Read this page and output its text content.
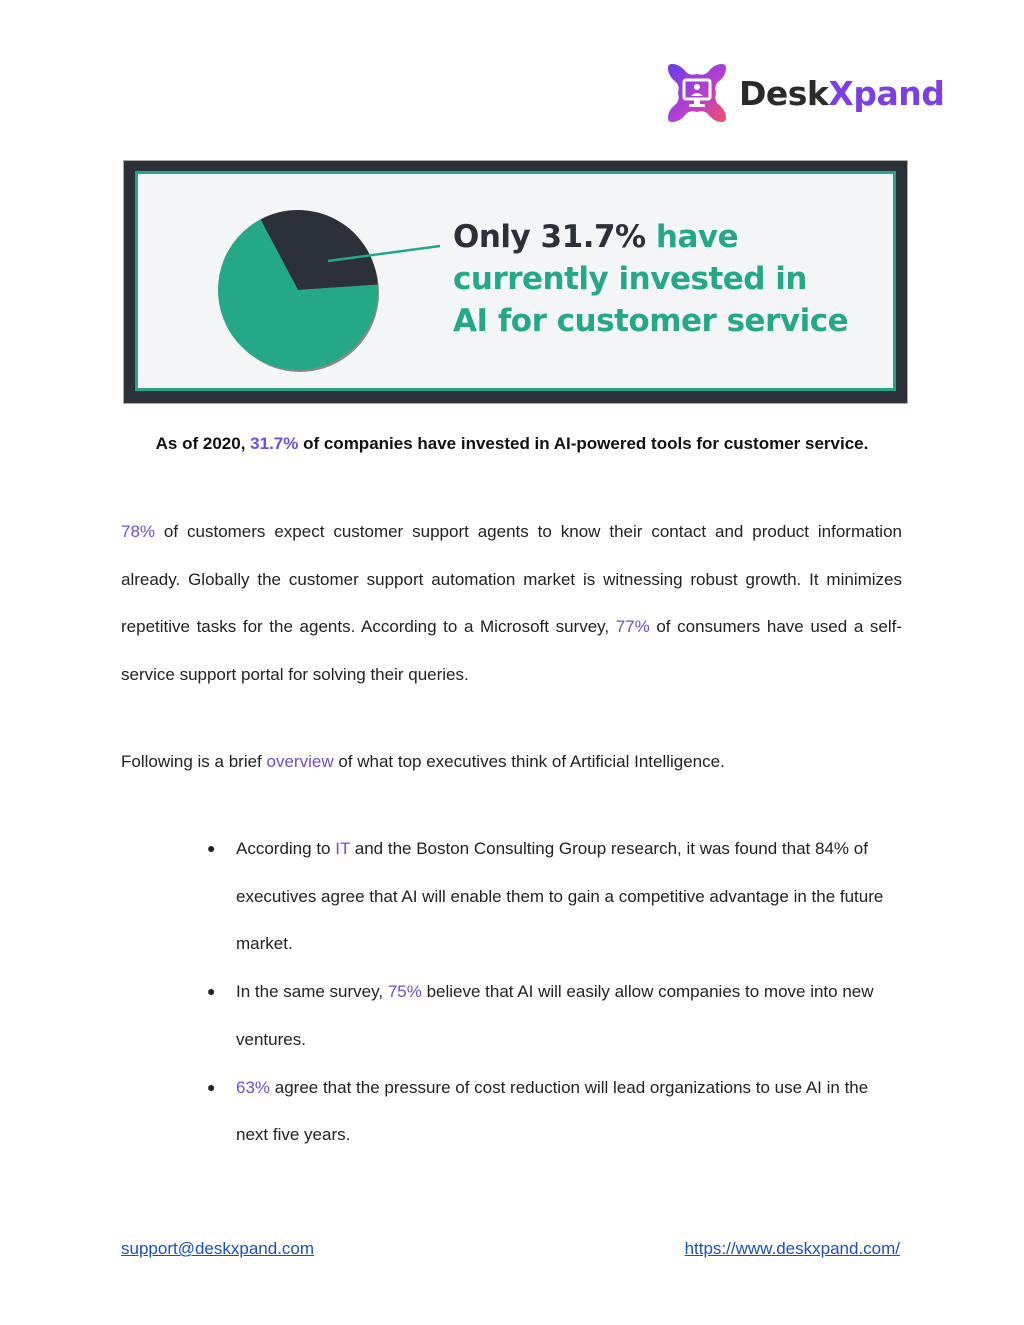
DeskXpand
Only 31.7% have
currently invested in
AI for customer service
As of 2020, 31.7% of companies have invested in AI-powered tools for customer service.
78% of customers expect customer support agents to know their contact and product information already. Globally the customer support automation market is witnessing robust growth. It minimizes repetitive tasks for the agents. According to a Microsoft survey, 77% of consumers have used a self-service support portal for solving their queries.
Following is a brief overview of what top executives think of Artificial Intelligence.
● According to IT and the Boston Consulting Group research, it was found that 84% of executives agree that AI will enable them to gain a competitive advantage in the future market.
● In the same survey, 75% believe that AI will easily allow companies to move into new ventures.
● 63% agree that the pressure of cost reduction will lead organizations to use AI in the next five years.
support@deskxpand.com	https://www.deskxpand.com/
